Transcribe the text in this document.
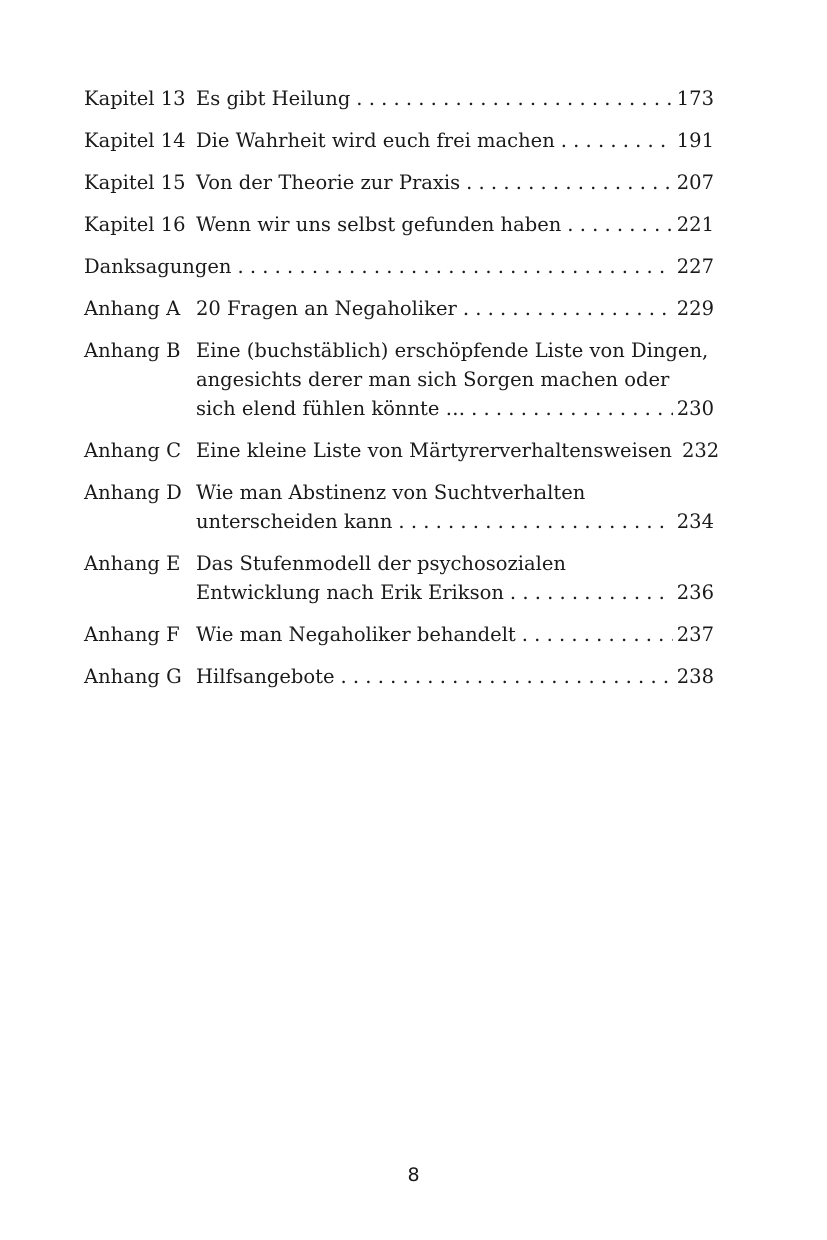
Kapitel 13 Es gibt Heilung . . .	173
Kapitel 14 Die Wahrheit wird euch frei machen . . .	191
Kapitel 15 Von der Theorie zur Praxis . . .	207
Kapitel 16 Wenn wir uns selbst gefunden haben . . .	221
Danksagungen . . .	227
Anhang A 20 Fragen an Negaholiker . . .	229
Anhang B Eine (buchstäblich) erschöpfende Liste von Dingen,
angesichts derer man sich Sorgen machen oder
sich elend fühlen könnte … . . .	230
Anhang C Eine kleine Liste von Märtyrerverhaltensweisen 232
Anhang D Wie man Abstinenz von Suchtverhalten
unterscheiden kann . . .	234
Anhang E Das Stufenmodell der psychosozialen
Entwicklung nach Erik Erikson . . .	236
Anhang F Wie man Negaholiker behandelt . . .	237
Anhang G Hilfsangebote . . .	238
8
